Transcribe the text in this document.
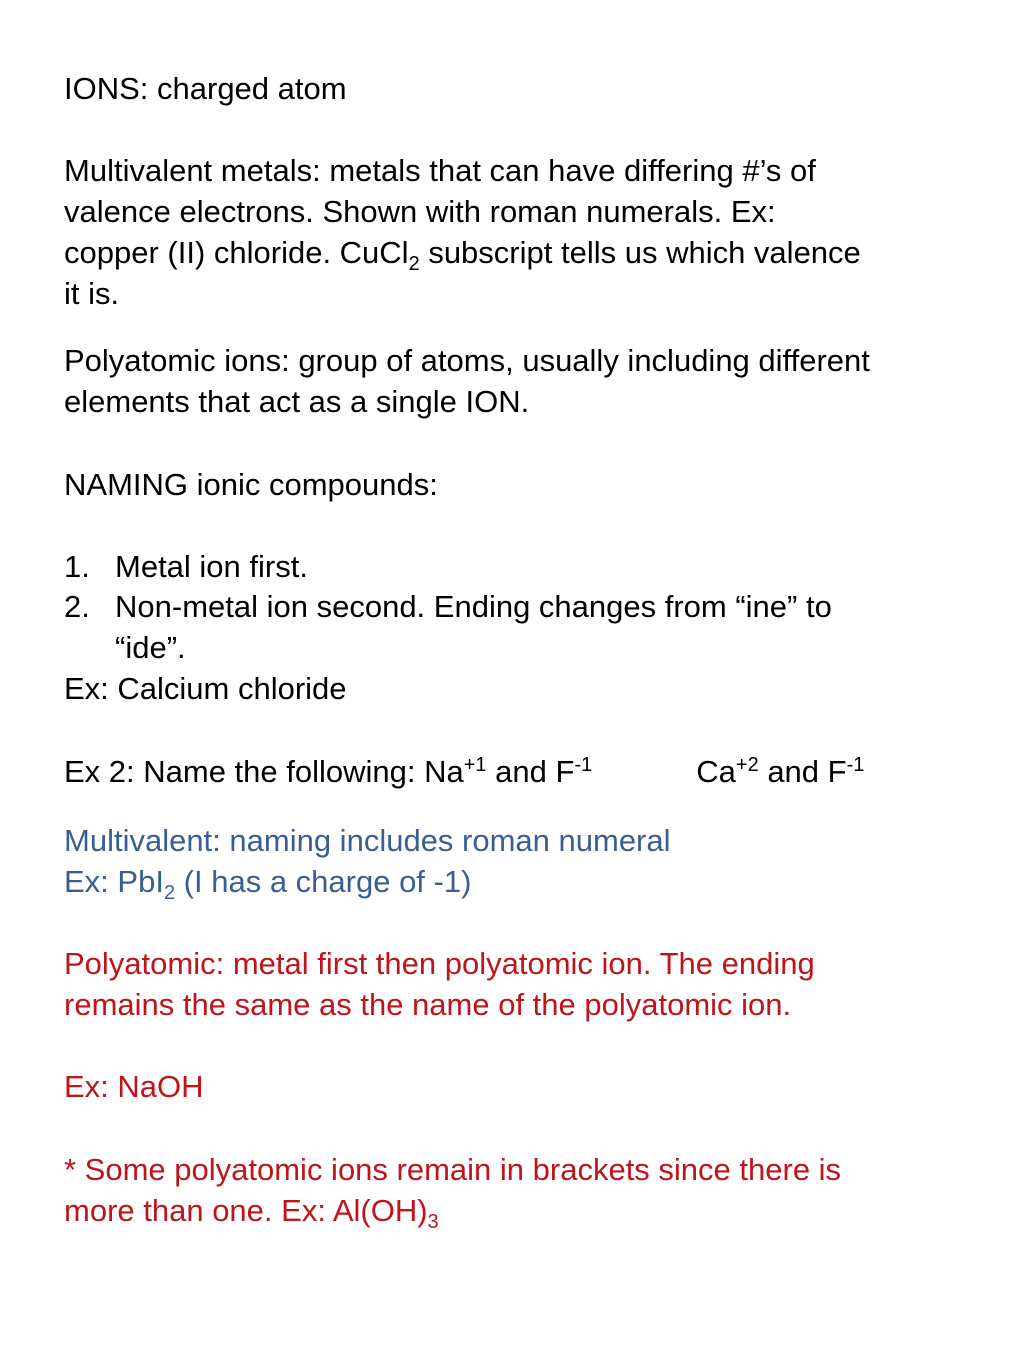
IONS: charged atom
Multivalent metals: metals that can have differing #’s of
valence electrons. Shown with roman numerals. Ex:
copper (II) chloride. CuCl$_2$ subscript tells us which valence
it is.
Polyatomic ions: group of atoms, usually including different
elements that act as a single ION.
NAMING ionic compounds:
1. Metal ion first.
2. Non-metal ion second. Ending changes from “ine” to
“ide”.
Ex: Calcium chloride
Ex 2: Name the following: $Na^{+1}$ and $F^{-1}$	$Ca^{+2}$ and $F^{-1}$
Multivalent: naming includes roman numeral
Ex: PbI$_2$ (I has a charge of -1)
Polyatomic: metal first then polyatomic ion. The ending
remains the same as the name of the polyatomic ion.
Ex: NaOH
* Some polyatomic ions remain in brackets since there is
more than one. Ex: $Al(OH)_3$
